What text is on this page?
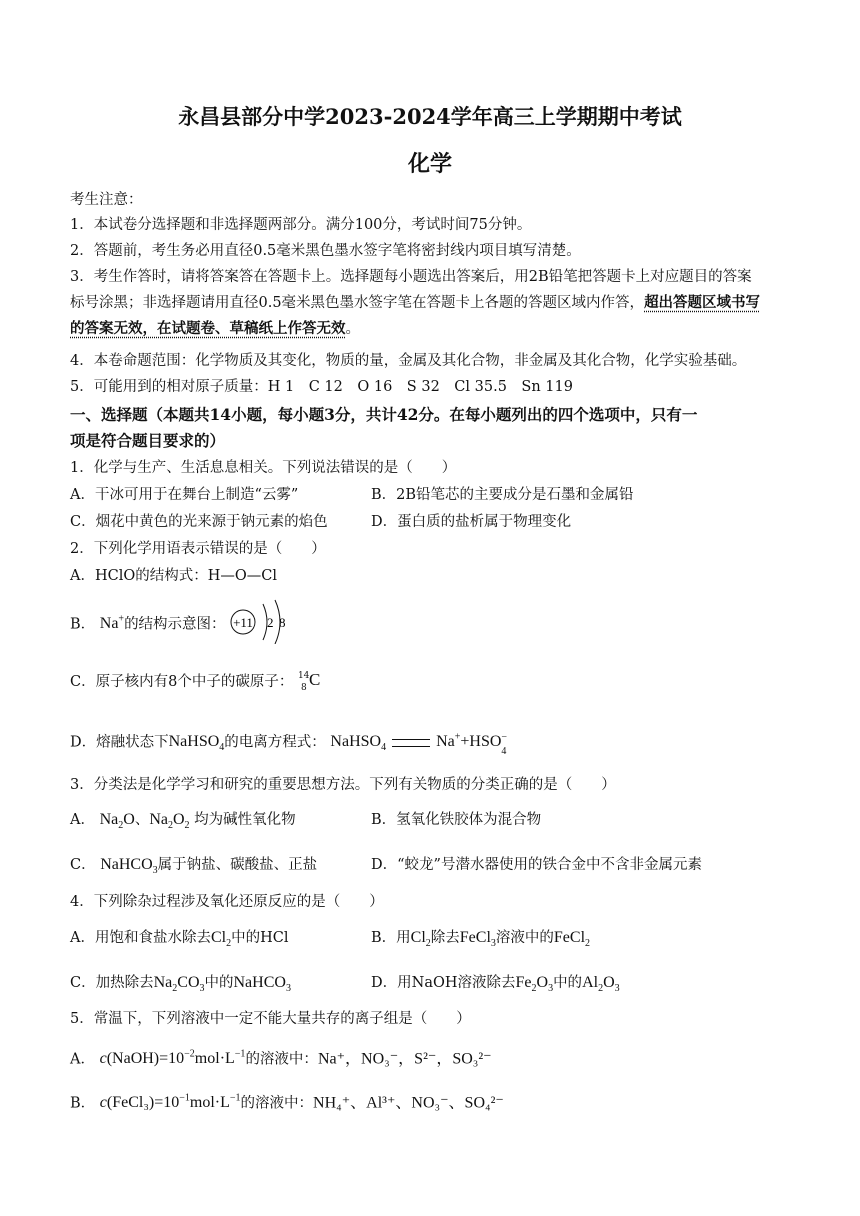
永昌县部分中学2023-2024学年高三上学期期中考试
化学
考生注意：
1．本试卷分选择题和非选择题两部分。满分100分，考试时间75分钟。
2．答题前，考生务必用直径0.5毫米黑色墨水签字笔将密封线内项目填写清楚。
3．考生作答时，请将答案答在答题卡上。选择题每小题选出答案后，用2B铅笔把答题卡上对应题目的答案
标号涂黑；非选择题请用直径0.5毫米黑色墨水签字笔在答题卡上各题的答题区域内作答，超出答题区域书写
的答案无效，在试题卷、草稿纸上作答无效。
4．本卷命题范围：化学物质及其变化，物质的量，金属及其化合物，非金属及其化合物，化学实验基础。
5．可能用到的相对原子质量：H 1　C 12　O 16　S 32　Cl 35.5　Sn 119
一、选择题（本题共14小题，每小题3分，共计42分。在每小题列出的四个选项中，只有一
项是符合题目要求的）
1．化学与生产、生活息息相关。下列说法错误的是（　　）
A．干冰可用于在舞台上制造“云雾”	B．2B铅笔芯的主要成分是石墨和金属铅
C．烟花中黄色的光来源于钠元素的焰色	D．蛋白质的盐析属于物理变化
2．下列化学用语表示错误的是（　　）
A．HClO的结构式：H—O—Cl
B． Na+的结构示意图： +11 2 8
C．原子核内有8个中子的碳原子： 14
8 C
D．熔融状态下NaHSO$_4$的电离方程式： NaHSO$_4$	Na++HSO −
4
3．分类法是化学学习和研究的重要思想方法。下列有关物质的分类正确的是（　　）
A． $Na_2O$、$Na_2O_2$ 均为碱性氧化物	B．氢氧化铁胶体为混合物
C． NaHCO$_3$属于钠盐、碳酸盐、正盐	D．“蛟龙”号潜水器使用的铁合金中不含非金属元素
4．下列除杂过程涉及氧化还原反应的是（　　）
A．用饱和食盐水除去$Cl_2$中的HCl	B．用$Cl_2$除去FeCl$_3$溶液中的FeCl$_2$
C．加热除去$Na_2CO_3$中的NaHCO$_3$	D．用NaOH溶液除去$Fe_2O_3$中的$Al_2O_3$
5．常温下，下列溶液中一定不能大量共存的离子组是（　　）
A． $c(NaOH)=10^{-2}mol\cdot L^{-1}$的溶液中：Na⁺，NO₃⁻，S²⁻，SO₃²⁻
B． $c(FeCl_3)=10^{-1}mol\cdot L^{-1}$的溶液中：NH₄⁺、Al³⁺、NO₃⁻、SO₄²⁻
